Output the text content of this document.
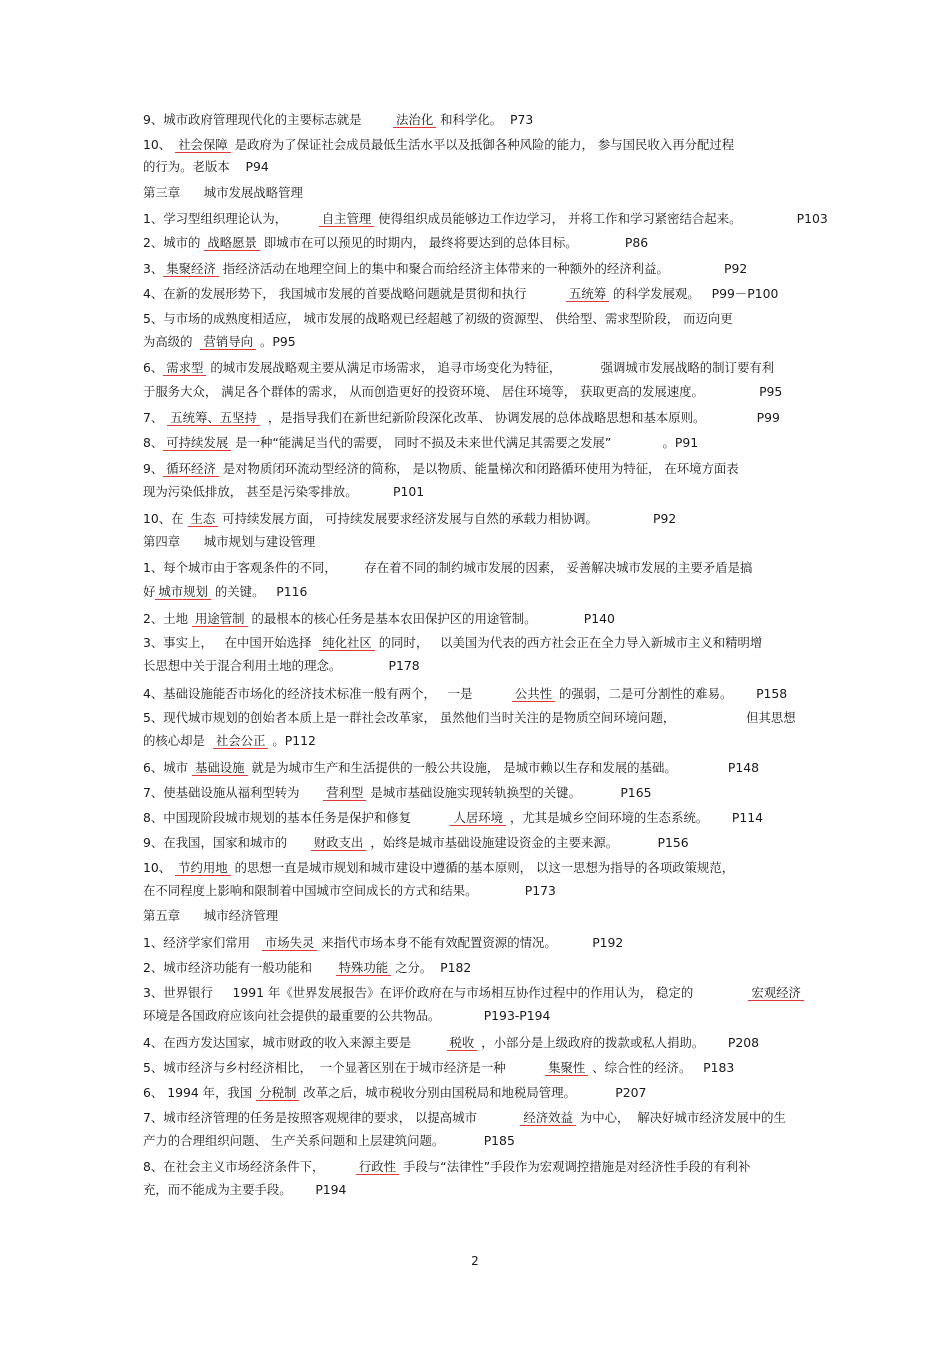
9、城市政府管理现代化的主要标志就是        法治化 和科学化。  P73
10、 社会保障 是政府为了保证社会成员最低生活水平以及抵御各种风险的能力， 参与国民收入再分配过程
的行为。老版本    P94
第三章      城市发展战略管理
1、学习型组织理论认为，        自主管理 使得组织成员能够边工作边学习， 并将工作和学习紧密结合起来。              P103
2、城市的 战略愿景 即城市在可以预见的时期内， 最终将要达到的总体目标。            P86
3、 集聚经济 指经济活动在地理空间上的集中和聚合而给经济主体带来的一种额外的经济利益。              P92
4、在新的发展形势下， 我国城市发展的首要战略问题就是贯彻和执行          五统筹 的科学发展观。   P99－P100
5、与市场的成熟度相适应， 城市发展的战略观已经超越了初级的资源型、 供给型、需求型阶段， 而迈向更
为高级的  营销导向 。P95
6、 需求型 的城市发展战略观主要从满足市场需求， 追寻市场变化为特征，          强调城市发展战略的制订要有利
于服务大众， 满足各个群体的需求， 从而创造更好的投资环境、 居住环境等， 获取更高的发展速度。              P95
7、 五统筹、五坚持  ，是指导我们在新世纪新阶段深化改革、 协调发展的总体战略思想和基本原则。             P99
8、 可持续发展 是一种“能满足当代的需要， 同时不损及未来世代满足其需要之发展”             。P91
9、 循环经济 是对物质闭环流动型经济的简称， 是以物质、能量梯次和闭路循环使用为特征， 在环境方面表
现为污染低排放， 甚至是污染零排放。         P101
10、在 生态 可持续发展方面， 可持续发展要求经济发展与自然的承载力相协调。              P92
第四章      城市规划与建设管理
1、每个城市由于客观条件的不同，       存在着不同的制约城市发展的因素， 妥善解决城市发展的主要矛盾是搞
好 城市规划 的关键。   P116
2、土地 用途管制 的最根本的核心任务是基本农田保护区的用途管制。            P140
3、事实上，   在中国开始选择  纯化社区 的同时，   以美国为代表的西方社会正在全力导入新城市主义和精明增
长思想中关于混合利用土地的理念。            P178
4、基础设施能否市场化的经济技术标准一般有两个，   一是          公共性 的强弱，二是可分割性的难易。      P158
5、现代城市规划的创始者本质上是一群社会改革家， 虽然他们当时关注的是物质空间环境问题，                  但其思想
的核心却是  社会公正 。P112
6、城市 基础设施 就是为城市生产和生活提供的一般公共设施， 是城市赖以生存和发展的基础。             P148
7、使基础设施从福利型转为      营利型 是城市基础设施实现转轨换型的关键。          P165
8、中国现阶段城市规划的基本任务是保护和修复          人居环境 ，尤其是城乡空间环境的生态系统。      P114
9、在我国，国家和城市的      财政支出 ，始终是城市基础设施建设资金的主要来源。          P156
10、 节约用地 的思想一直是城市规划和城市建设中遵循的基本原则， 以这一思想为指导的各项政策规范，
在不同程度上影响和限制着中国城市空间成长的方式和结果。            P173
第五章      城市经济管理
1、经济学家们常用   市场失灵 来指代市场本身不能有效配置资源的情况。         P192
2、城市经济功能有一般功能和      特殊功能 之分。  P182
3、世界银行     1991 年《世界发展报告》在评价政府在与市场相互协作过程中的作用认为， 稳定的              宏观经济
环境是各国政府应该向社会提供的最重要的公共物品。           P193-P194
4、在西方发达国家，城市财政的收入来源主要是         税收 ，小部分是上级政府的拨款或私人捐助。      P208
5、城市经济与乡村经济相比，  一个显著区别在于城市经济是一种          集聚性 、综合性的经济。   P183
6、 1994 年，我国 分税制 改革之后，城市税收分别由国税局和地税局管理。          P207
7、城市经济管理的任务是按照客观规律的要求， 以提高城市           经济效益 为中心，  解决好城市经济发展中的生
产力的合理组织问题、 生产关系问题和上层建筑问题。          P185
8、在社会主义市场经济条件下，        行政性 手段与“法律性”手段作为宏观调控措施是对经济性手段的有利补
充，而不能成为主要手段。      P194
2
